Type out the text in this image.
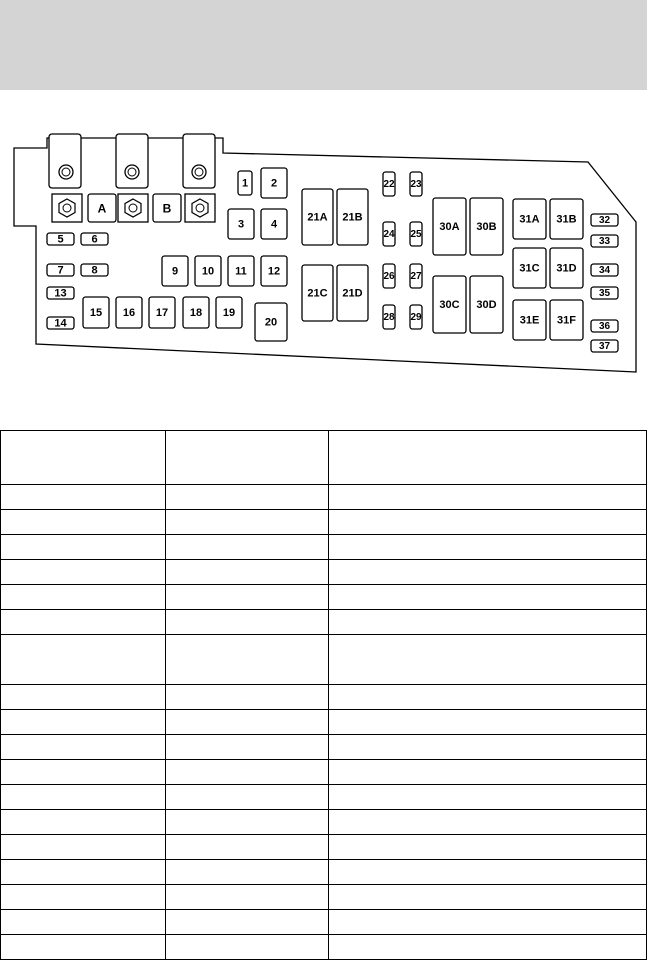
A	B
1 2
3 4
5	6
7	8	9 10 11 12
13
14
15 16 17 18 19
20
22 23
24 25
26 27
28 29
32
33
34
35
36
37
21A 21B
21C 21D
30A 30B
30C 30D
31A 31B
31C 31D
31E 31F
